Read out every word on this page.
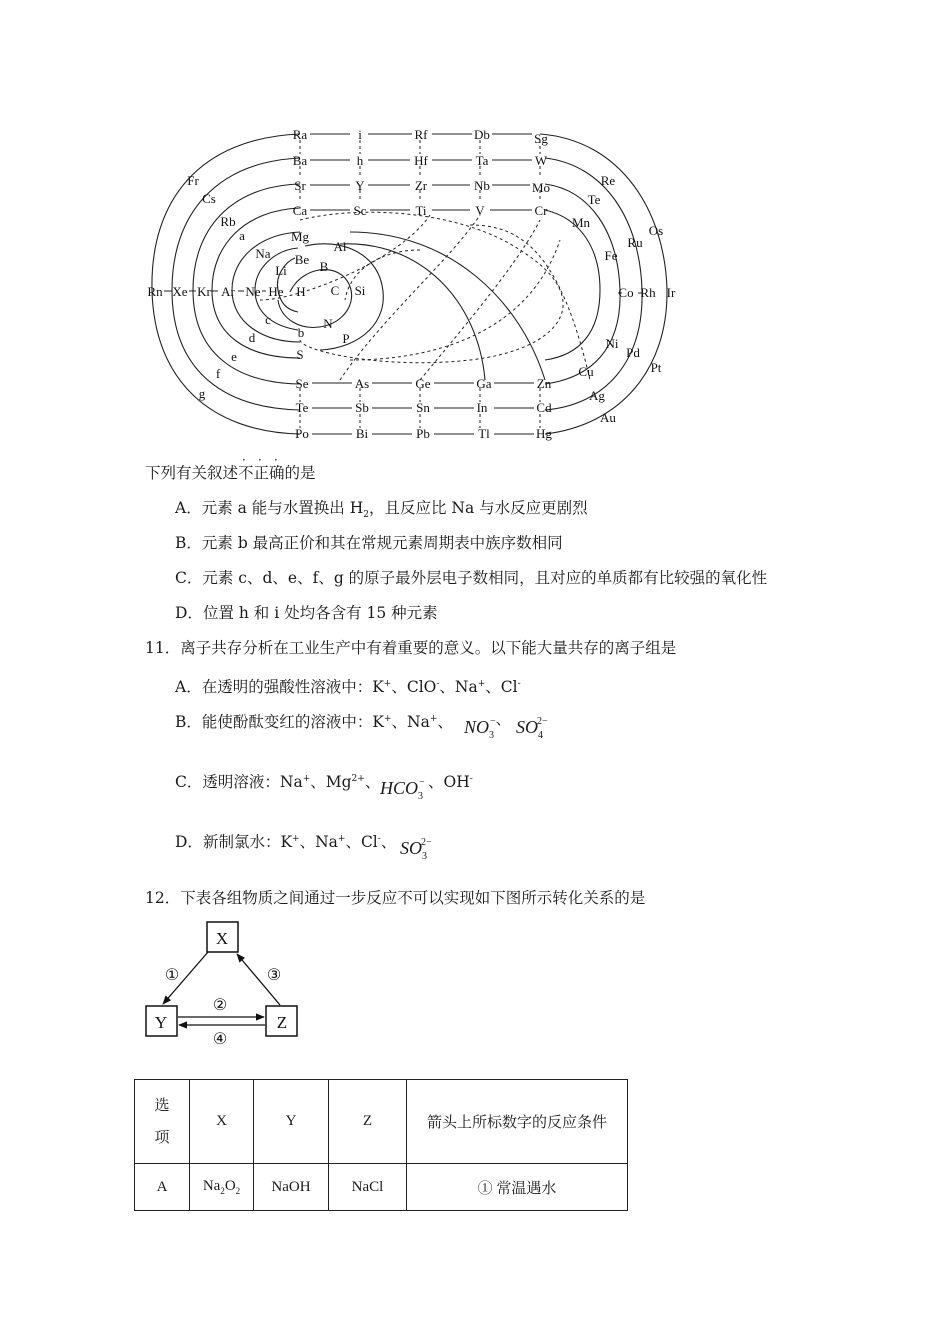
Ra	i	Rf	Db	Sg
Ba	h	Hf	Ta	W
Sr	Y	Zr	Nb	Mo
Ca	Sc	Ti	V	Cr
Se	As	Ge	Ga	Zn
Te	Sb	Sn	In	Cd
Po	Bi	Pb	Tl	Hg
Rn Xe Kr Ar Ne He H
Fr
Cs
Rb
a
Na
Li
g
f
e
d
c
Mg
Be B
Al
C Si
N
P
b
S
Re
Te
Mn
Os
Ru
Fe
Co Rh Ir
Ni
Pd
Pt
Cu
Ag
Au
下列有关叙述
· · ·
不正确的是
A．元素 a 能与水置换出 $H_2$，且反应比 Na 与水反应更剧烈
B．元素 b 最高正价和其在常规元素周期表中族序数相同
C．元素 c、d、e、f、g 的原子最外层电子数相同，且对应的单质都有比较强的氧化性
D．位置 h 和 i 处均各含有 15 种元素
11．离子共存分析在工业生产中有着重要的意义。以下能大量共存的离子组是
A．在透明的强酸性溶液中：K+、ClO-、Na+、Cl-
B．能使酚酞变红的溶液中：K+、Na+、 $NO_3^{-、}$ $SO_4^{2-}$
C．透明溶液：Na+、$Mg^{2+}$、 $HCO_3^-$ 、OH-
D．新制氯水：K+、Na+、Cl-、 $SO_3^{2-}$
12．下表各组物质之间通过一步反应不可以实现如下图所示转化关系的是
X
Y	Z
①
②
③
④
选
项	X	Y	Z	箭头上所标数字的反应条件
A	$Na_2O_2$	NaOH	NaCl	① 常温遇水
